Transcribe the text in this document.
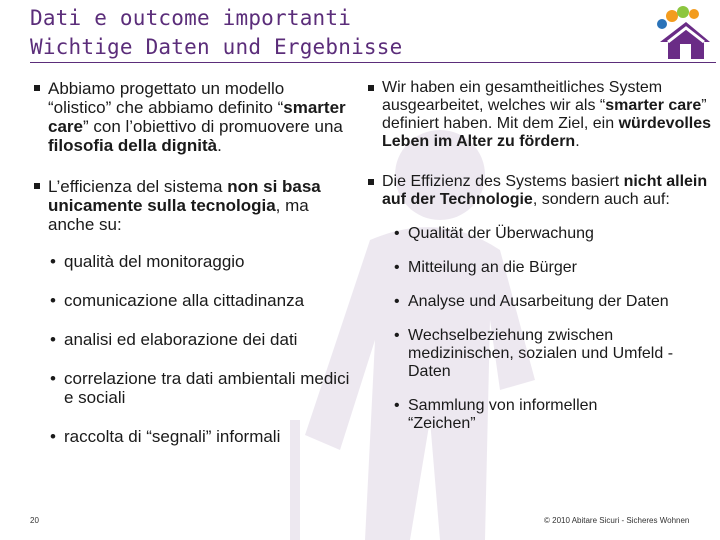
Dati e outcome importanti
Wichtige Daten und Ergebnisse
Abbiamo progettato un modello “olistico” che abbiamo definito “smarter care” con l’obiettivo di promuovere una filosofia della dignità.
L’efficienza del sistema non si basa unicamente sulla tecnologia, ma anche su:
• qualità del monitoraggio
• comunicazione alla cittadinanza
• analisi ed elaborazione dei dati
• correlazione tra dati ambientali medici e sociali
• raccolta di “segnali” informali
Wir haben ein gesamtheitliches System ausgearbeitet, welches wir als “smarter care” definiert haben. Mit dem Ziel, ein würdevolles Leben im Alter zu fördern.
Die Effizienz des Systems basiert nicht allein auf der Technologie, sondern auch auf:
• Qualität der Überwachung
• Mitteilung an die Bürger
• Analyse und Ausarbeitung der Daten
• Wechselbeziehung zwischen medizinischen, sozialen und Umfeld -Daten
• Sammlung von informellen “Zeichen”
20	© 2010 Abitare Sicuri - Sicheres Wohnen
